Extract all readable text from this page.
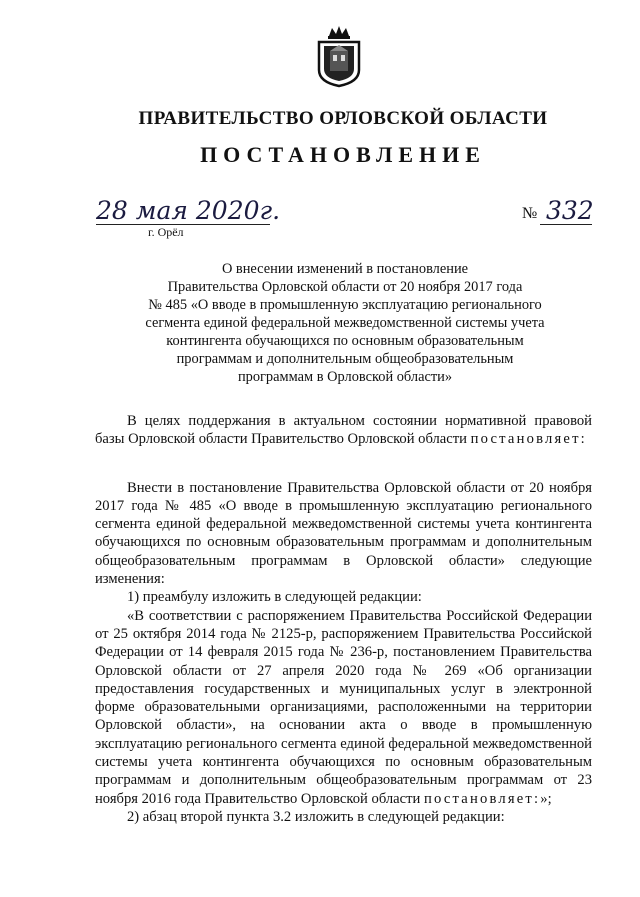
ПРАВИТЕЛЬСТВО ОРЛОВСКОЙ ОБЛАСТИ
ПОСТАНОВЛЕНИЕ
28 мая 2020г.
г. Орёл
№ 332
О внесении изменений в постановление
Правительства Орловской области от 20 ноября 2017 года
№ 485 «О вводе в промышленную эксплуатацию регионального
сегмента единой федеральной межведомственной системы учета
контингента обучающихся по основным образовательным
программам и дополнительным общеобразовательным
программам в Орловской области»

В целях поддержания в актуальном состоянии нормативной правовой базы Орловской области Правительство Орловской области постановляет:

Внести в постановление Правительства Орловской области от 20 ноября 2017 года № 485 «О вводе в промышленную эксплуатацию регионального сегмента единой федеральной межведомственной системы учета контингента обучающихся по основным образовательным программам и дополнительным общеобразовательным программам в Орловской области» следующие изменения:

1) преамбулу изложить в следующей редакции:

«В соответствии с распоряжением Правительства Российской Федерации от 25 октября 2014 года № 2125-р, распоряжением Правительства Российской Федерации от 14 февраля 2015 года № 236-р, постановлением Правительства Орловской области от 27 апреля 2020 года № 269 «Об организации предоставления государственных и муниципальных услуг в электронной форме образовательными организациями, расположенными на территории Орловской области», на основании акта о вводе в промышленную эксплуатацию регионального сегмента единой федеральной межведомственной системы учета контингента обучающихся по основным образовательным программам и дополнительным общеобразовательным программам от 23 ноября 2016 года Правительство Орловской области постановляет:»;

2) абзац второй пункта 3.2 изложить в следующей редакции:
